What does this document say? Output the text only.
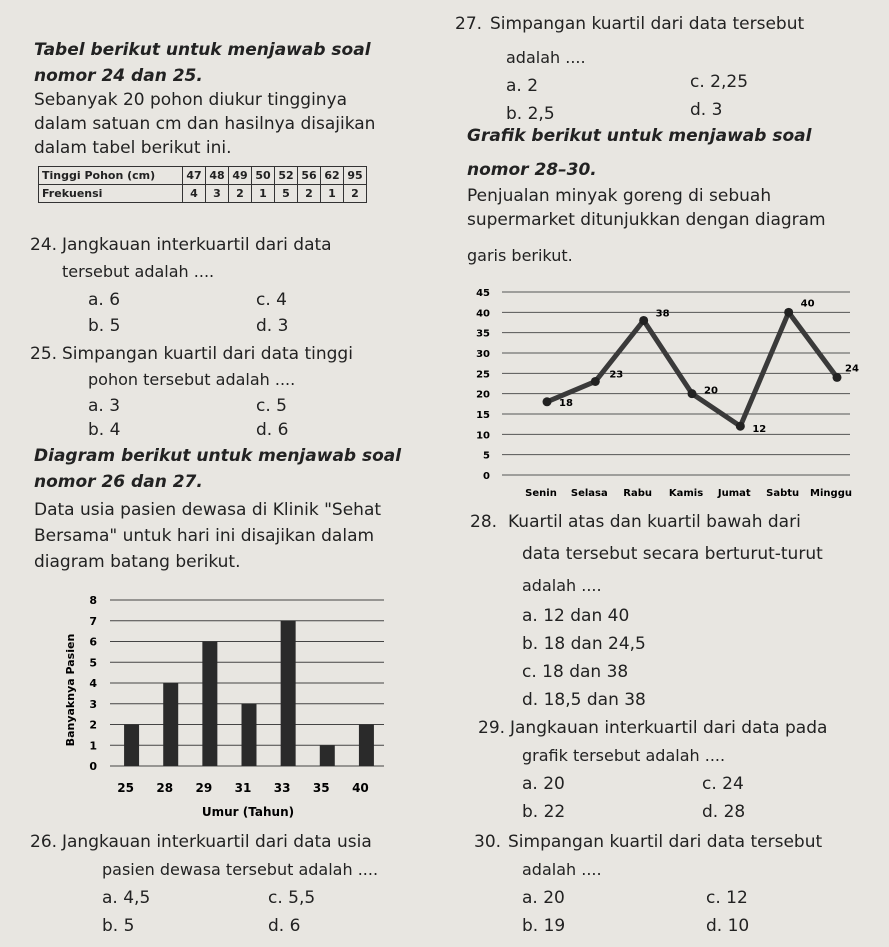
Tabel berikut untuk menjawab soal
nomor 24 dan 25.
Sebanyak 20 pohon diukur tingginya
dalam satuan cm dan hasilnya disajikan
dalam tabel berikut ini.
Tinggi Pohon (cm)	47	48	49	50	52	56	62	95
Frekuensi	4	3	2	1	5	2	1	2
24. Jangkauan interkuartil dari data
tersebut adalah ....
a. 6	c. 4
b. 5	d. 3
25. Simpangan kuartil dari data tinggi
pohon tersebut adalah ....
a. 3	c. 5
b. 4	d. 6
Diagram berikut untuk menjawab soal
nomor 26 dan 27.
Data usia pasien dewasa di Klinik "Sehat
Bersama" untuk hari ini disajikan dalam
diagram batang berikut.
Banyaknya Pasien
Umur (Tahun)
0
1
2
3
4
5
6
7
8
25 28 29 31 33 35 40
26. Jangkauan interkuartil dari data usia
pasien dewasa tersebut adalah ....
a. 4,5	c. 5,5
b. 5	d. 6
27. Simpangan kuartil dari data tersebut
adalah ....
a. 2	c. 2,25
b. 2,5	d. 3
Grafik berikut untuk menjawab soal
nomor 28–30.
Penjualan minyak goreng di sebuah
supermarket ditunjukkan dengan diagram
garis berikut.
0
5
10
15
20
25
30
35
40
45
18
23
38
20
12
40
24
Senin Selasa Rabu Kamis Jumat Sabtu Minggu
28. Kuartil atas dan kuartil bawah dari
data tersebut secara berturut-turut
adalah ....
a. 12 dan 40
b. 18 dan 24,5
c. 18 dan 38
d. 18,5 dan 38
29. Jangkauan interkuartil dari data pada
grafik tersebut adalah ....
a. 20	c. 24
b. 22	d. 28
30. Simpangan kuartil dari data tersebut
adalah ....
a. 20	c. 12
b. 19	d. 10
